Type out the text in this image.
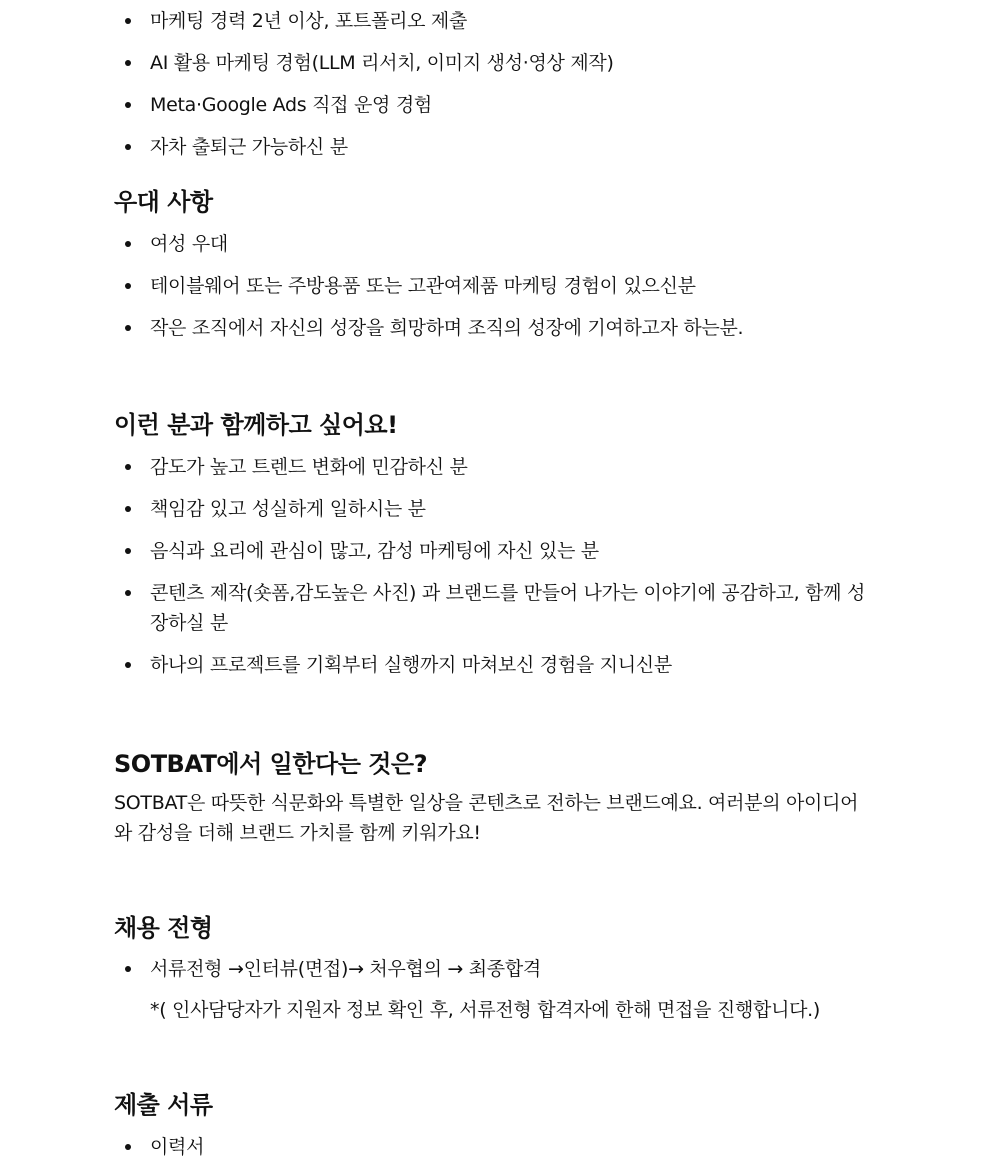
마케팅 경력 2년 이상, 포트폴리오 제출
AI 활용 마케팅 경험(LLM 리서치, 이미지 생성·영상 제작)
Meta·Google Ads 직접 운영 경험
자차 출퇴근 가능하신 분
우대 사항
여성 우대
테이블웨어 또는 주방용품 또는 고관여제품 마케팅 경험이 있으신분
작은 조직에서 자신의 성장을 희망하며 조직의 성장에 기여하고자 하는분.
이런 분과 함께하고 싶어요!
감도가 높고 트렌드 변화에 민감하신 분
책임감 있고 성실하게 일하시는 분
음식과 요리에 관심이 많고, 감성 마케팅에 자신 있는 분
콘텐츠 제작(숏폼,감도높은 사진) 과 브랜드를 만들어 나가는 이야기에 공감하고, 함께 성장하실 분
하나의 프로젝트를 기획부터 실행까지 마쳐보신 경험을 지니신분
SOTBAT에서 일한다는 것은?

SOTBAT은 따뜻한 식문화와 특별한 일상을 콘텐츠로 전하는 브랜드예요. 여러분의 아이디어와 감성을 더해 브랜드 가치를 함께 키워가요!

채용 전형
서류전형 →인터뷰(면접)→ 처우협의 → 최종합격
*( 인사담당자가 지원자 정보 확인 후, 서류전형 합격자에 한해 면접을 진행합니다.)
제출 서류
이력서
